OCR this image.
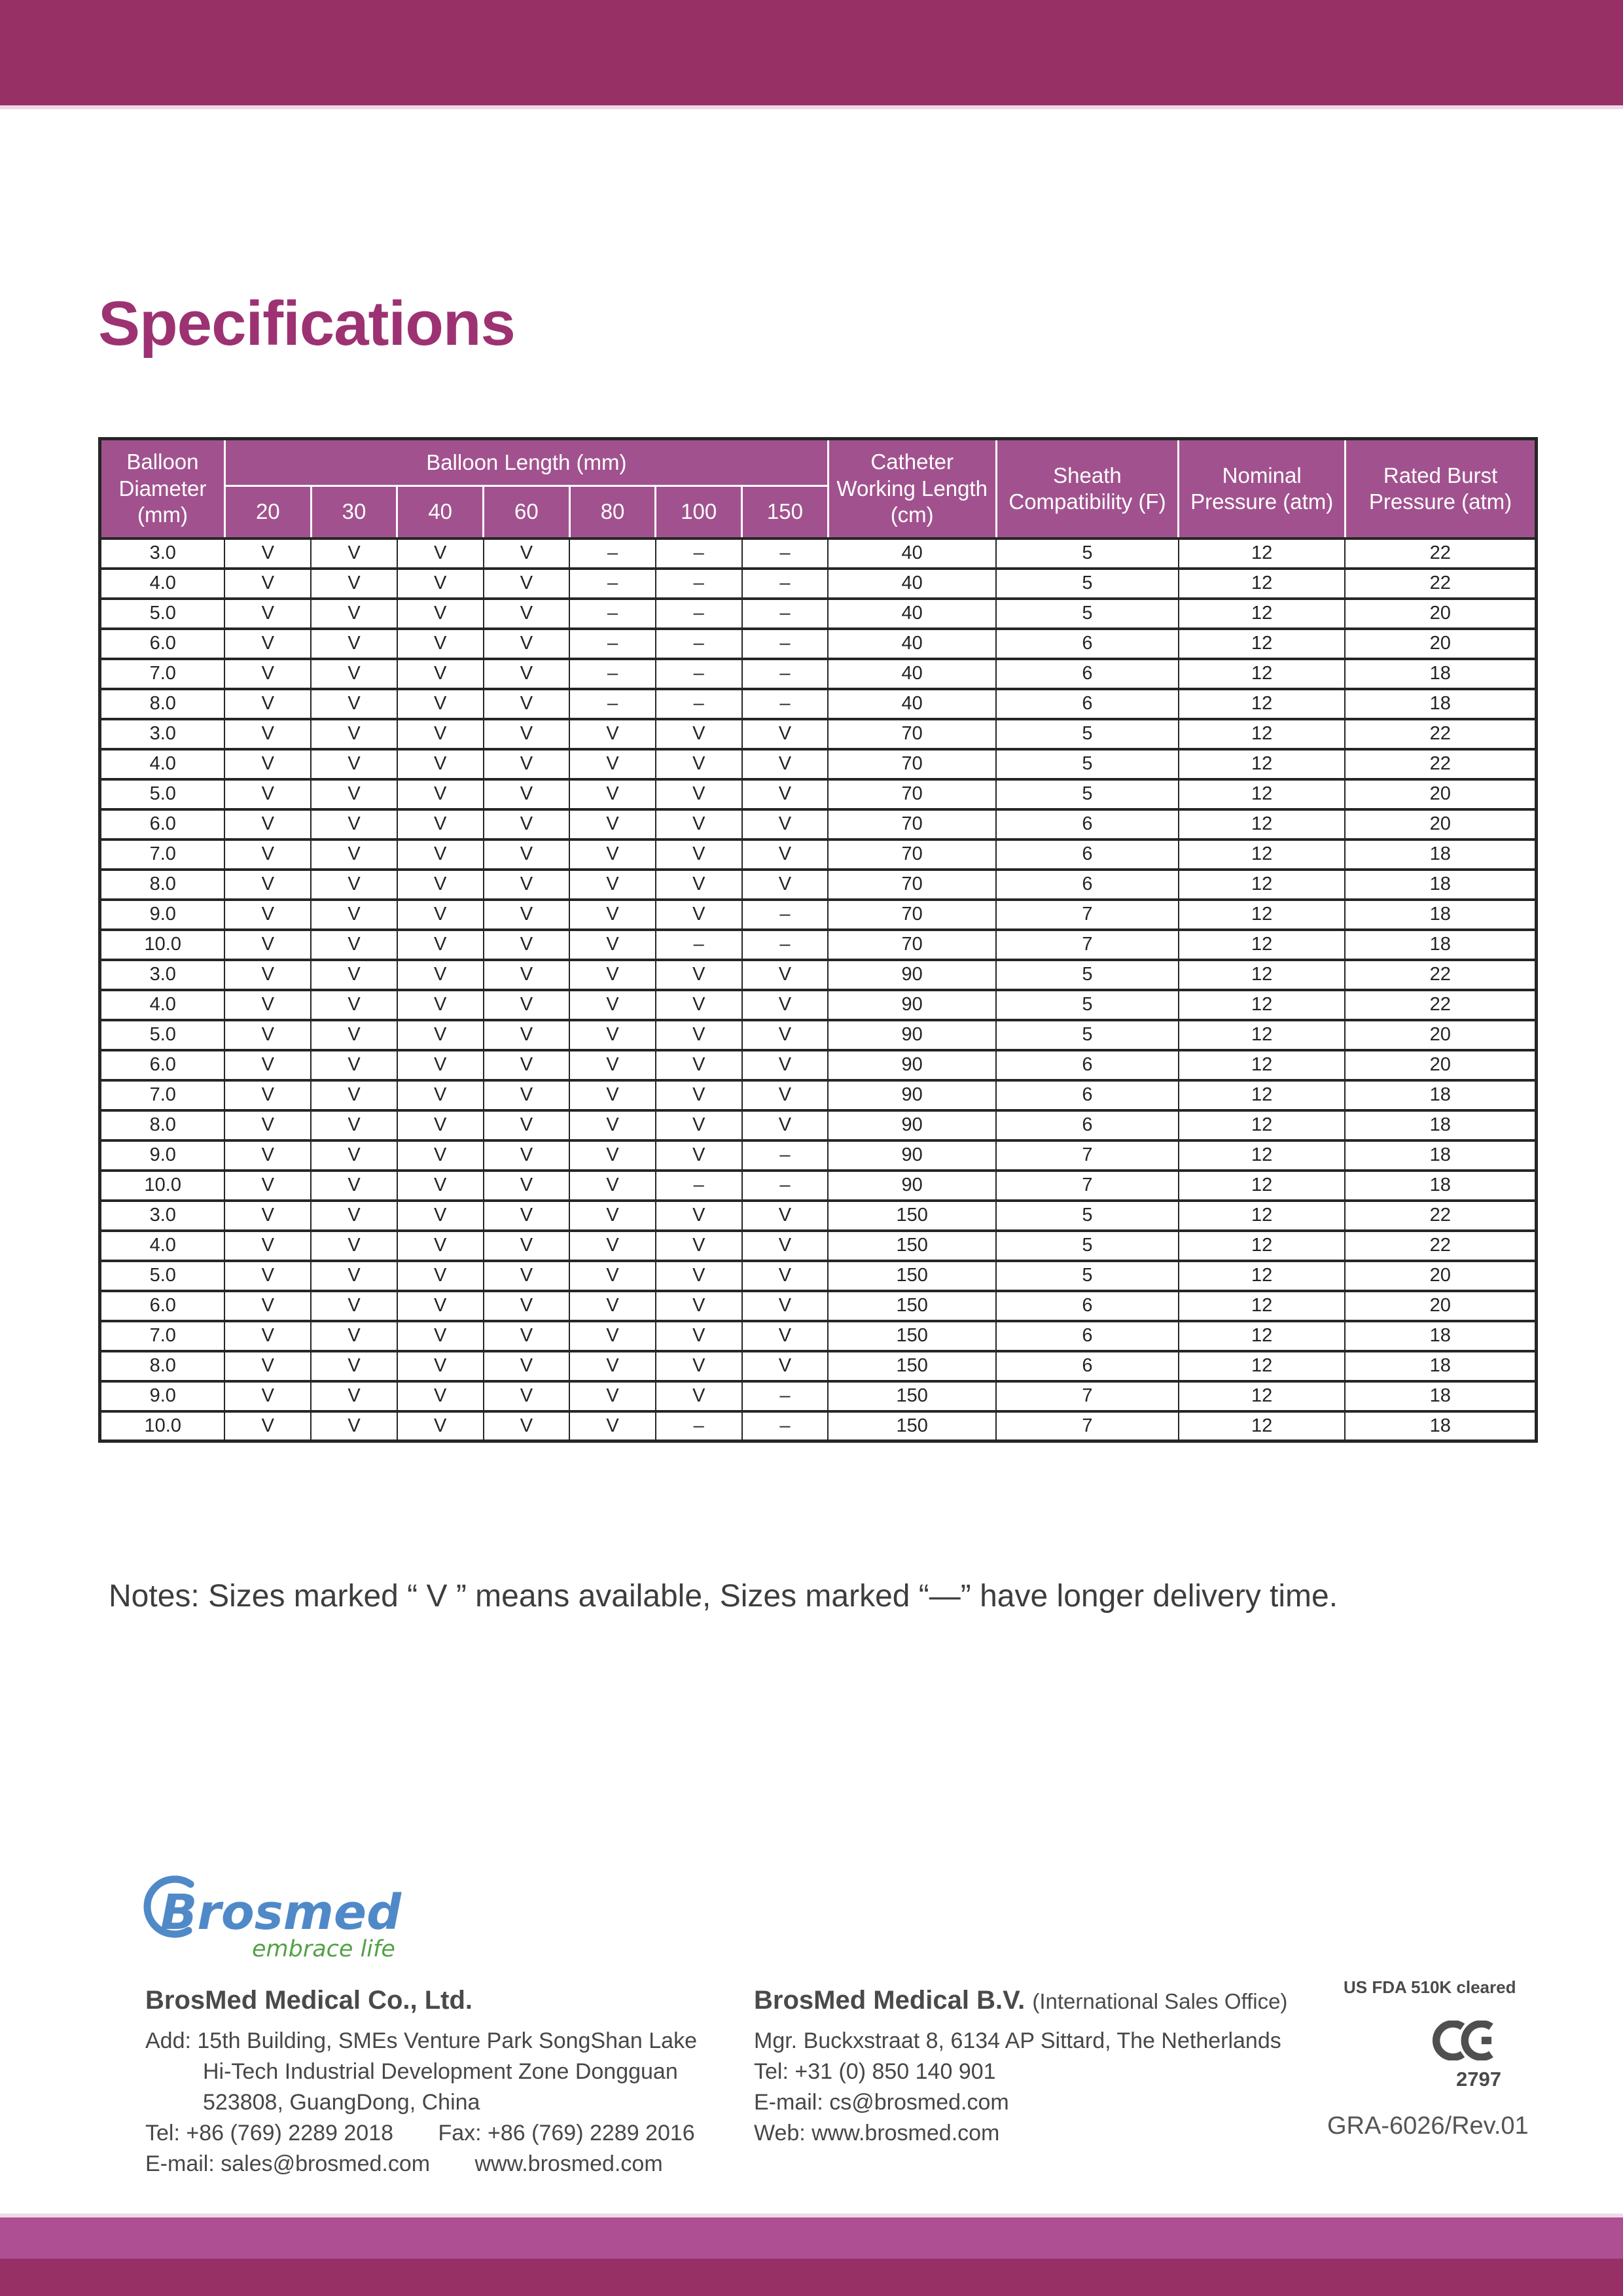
Specifications
Balloon Diameter (mm)	Balloon Length (mm)							Catheter Working Length (cm)	Sheath Compatibility (F)	Nominal Pressure (atm)	Rated Burst Pressure (atm)
	20	30	40	60	80	100	150				
3.0	V	V	V	V	–	–	–	40	5	12	22
4.0	V	V	V	V	–	–	–	40	5	12	22
5.0	V	V	V	V	–	–	–	40	5	12	20
6.0	V	V	V	V	–	–	–	40	6	12	20
7.0	V	V	V	V	–	–	–	40	6	12	18
8.0	V	V	V	V	–	–	–	40	6	12	18
3.0	V	V	V	V	V	V	V	70	5	12	22
4.0	V	V	V	V	V	V	V	70	5	12	22
5.0	V	V	V	V	V	V	V	70	5	12	20
6.0	V	V	V	V	V	V	V	70	6	12	20
7.0	V	V	V	V	V	V	V	70	6	12	18
8.0	V	V	V	V	V	V	V	70	6	12	18
9.0	V	V	V	V	V	V	–	70	7	12	18
10.0	V	V	V	V	V	–	–	70	7	12	18
3.0	V	V	V	V	V	V	V	90	5	12	22
4.0	V	V	V	V	V	V	V	90	5	12	22
5.0	V	V	V	V	V	V	V	90	5	12	20
6.0	V	V	V	V	V	V	V	90	6	12	20
7.0	V	V	V	V	V	V	V	90	6	12	18
8.0	V	V	V	V	V	V	V	90	6	12	18
9.0	V	V	V	V	V	V	–	90	7	12	18
10.0	V	V	V	V	V	–	–	90	7	12	18
3.0	V	V	V	V	V	V	V	150	5	12	22
4.0	V	V	V	V	V	V	V	150	5	12	22
5.0	V	V	V	V	V	V	V	150	5	12	20
6.0	V	V	V	V	V	V	V	150	6	12	20
7.0	V	V	V	V	V	V	V	150	6	12	18
8.0	V	V	V	V	V	V	V	150	6	12	18
9.0	V	V	V	V	V	V	–	150	7	12	18
10.0	V	V	V	V	V	–	–	150	7	12	18
Notes: Sizes marked “ V ” means available, Sizes marked “—” have longer delivery time.
Brosmed
embrace life
BrosMed Medical Co., Ltd.
Add: 15th Building, SMEs Venture Park SongShan Lake
Hi-Tech Industrial Development Zone Dongguan
523808, GuangDong, China
Tel: +86 (769) 2289 2018 Fax: +86 (769) 2289 2016
E-mail: sales@brosmed.com www.brosmed.com
BrosMed Medical B.V. (International Sales Office)
Mgr. Buckxstraat 8, 6134 AP Sittard, The Netherlands
Tel: +31 (0) 850 140 901
E-mail: cs@brosmed.com
Web: www.brosmed.com
US FDA 510K cleared
2797
GRA-6026/Rev.01
